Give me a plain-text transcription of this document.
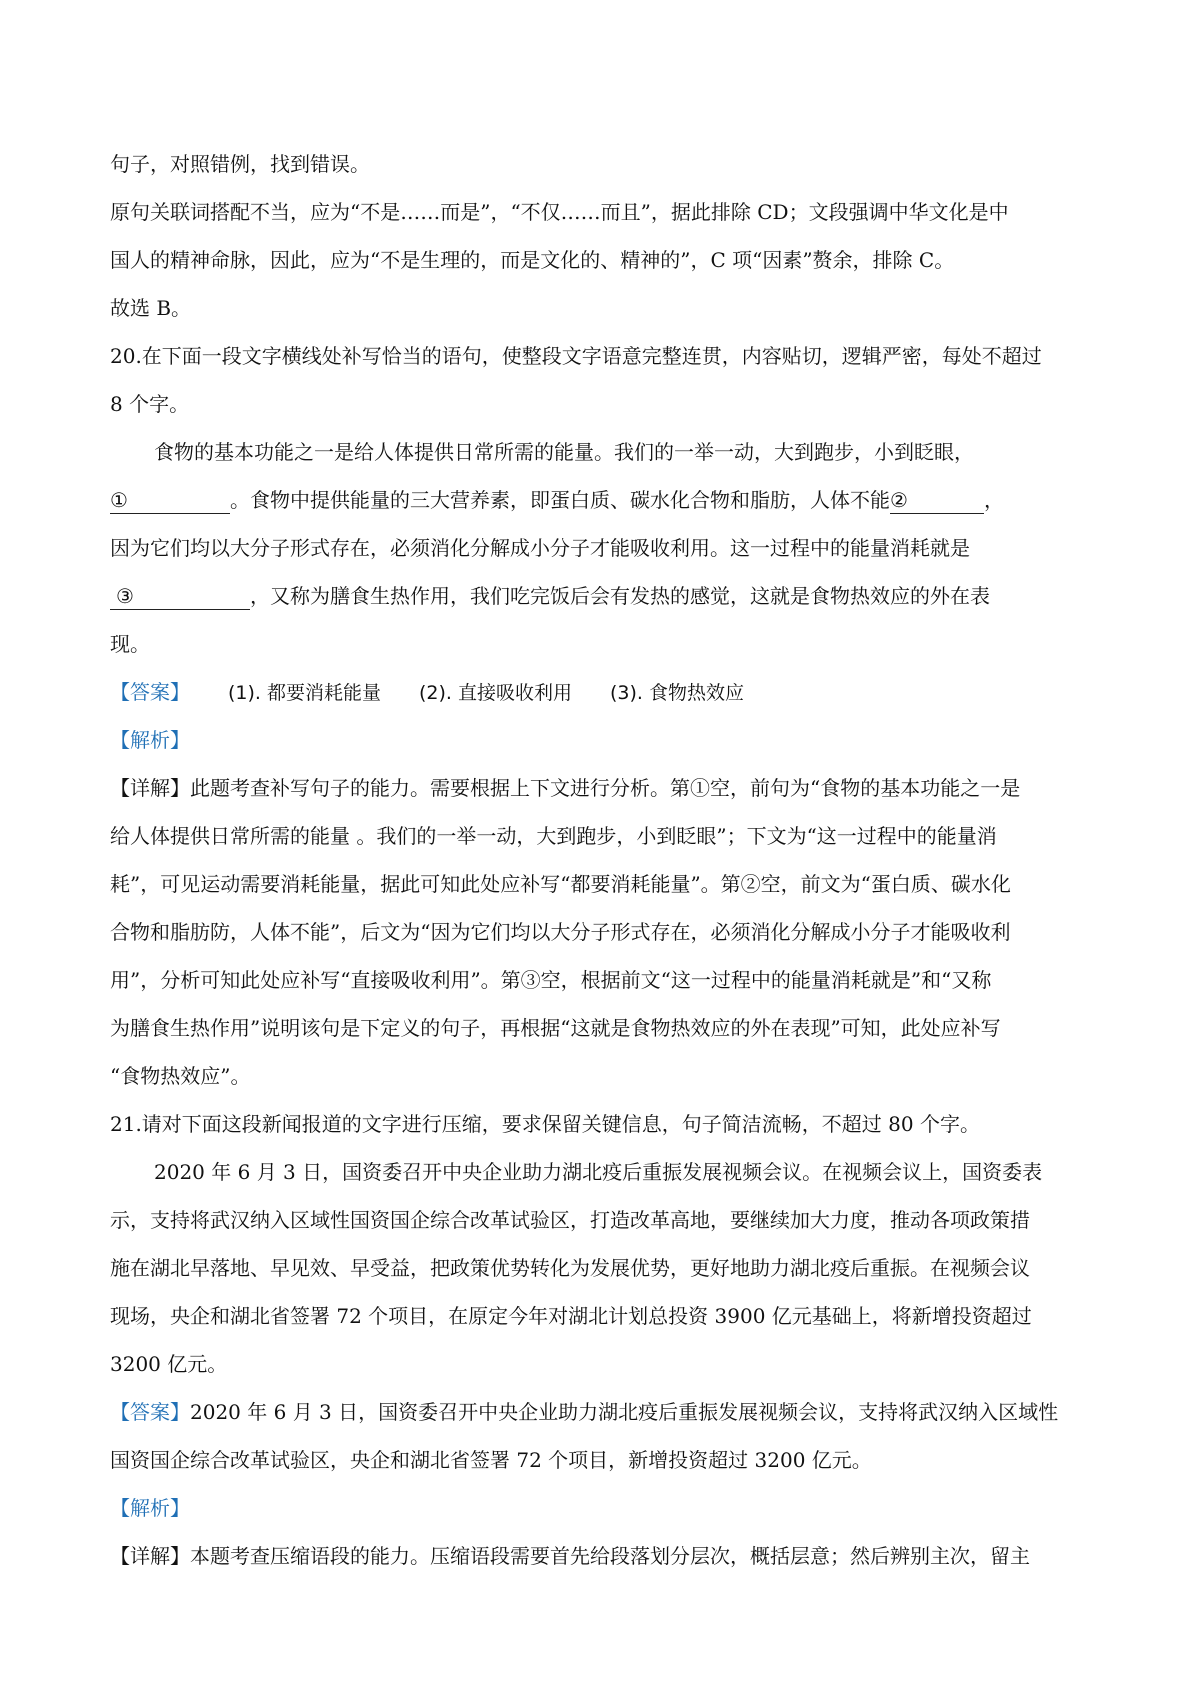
句子，对照错例，找到错误。
原句关联词搭配不当，应为“不是……而是”，“不仅……而且”，据此排除 CD；文段强调中华文化是中
国人的精神命脉，因此，应为“不是生理的，而是文化的、精神的”，C 项“因素”赘余，排除 C。
故选 B。
20.在下面一段文字横线处补写恰当的语句，使整段文字语意完整连贯，内容贴切，逻辑严密，每处不超过
8 个字。
食物的基本功能之一是给人体提供日常所需的能量。我们的一举一动，大到跑步，小到眨眼，
①	。食物中提供能量的三大营养素，即蛋白质、碳水化合物和脂肪，人体不能②	，
因为它们均以大分子形式存在，必须消化分解成小分子才能吸收利用。这一过程中的能量消耗就是
③	，又称为膳食生热作用，我们吃完饭后会有发热的感觉，这就是食物热效应的外在表
现。
【答案】 (1). 都要消耗能量 (2). 直接吸收利用 (3). 食物热效应
【解析】
【详解】此题考查补写句子的能力。需要根据上下文进行分析。第①空，前句为“食物的基本功能之一是
给人体提供日常所需的能量 。我们的一举一动，大到跑步，小到眨眼”；下文为“这一过程中的能量消
耗”，可见运动需要消耗能量，据此可知此处应补写“都要消耗能量”。第②空，前文为“蛋白质、碳水化
合物和脂肪防，人体不能”，后文为“因为它们均以大分子形式存在，必须消化分解成小分子才能吸收利
用”，分析可知此处应补写“直接吸收利用”。第③空，根据前文“这一过程中的能量消耗就是”和“又称
为膳食生热作用”说明该句是下定义的句子，再根据“这就是食物热效应的外在表现”可知，此处应补写
“食物热效应”。
21.请对下面这段新闻报道的文字进行压缩，要求保留关键信息，句子简洁流畅，不超过 80 个字。
2020 年 6 月 3 日，国资委召开中央企业助力湖北疫后重振发展视频会议。在视频会议上，国资委表
示，支持将武汉纳入区域性国资国企综合改革试验区，打造改革高地，要继续加大力度，推动各项政策措
施在湖北早落地、早见效、早受益，把政策优势转化为发展优势，更好地助力湖北疫后重振。在视频会议
现场，央企和湖北省签署 72 个项目，在原定今年对湖北计划总投资 3900 亿元基础上，将新增投资超过
3200 亿元。
【答案】2020 年 6 月 3 日，国资委召开中央企业助力湖北疫后重振发展视频会议，支持将武汉纳入区域性
国资国企综合改革试验区，央企和湖北省签署 72 个项目，新增投资超过 3200 亿元。
【解析】
【详解】本题考查压缩语段的能力。压缩语段需要首先给段落划分层次，概括层意；然后辨别主次，留主
